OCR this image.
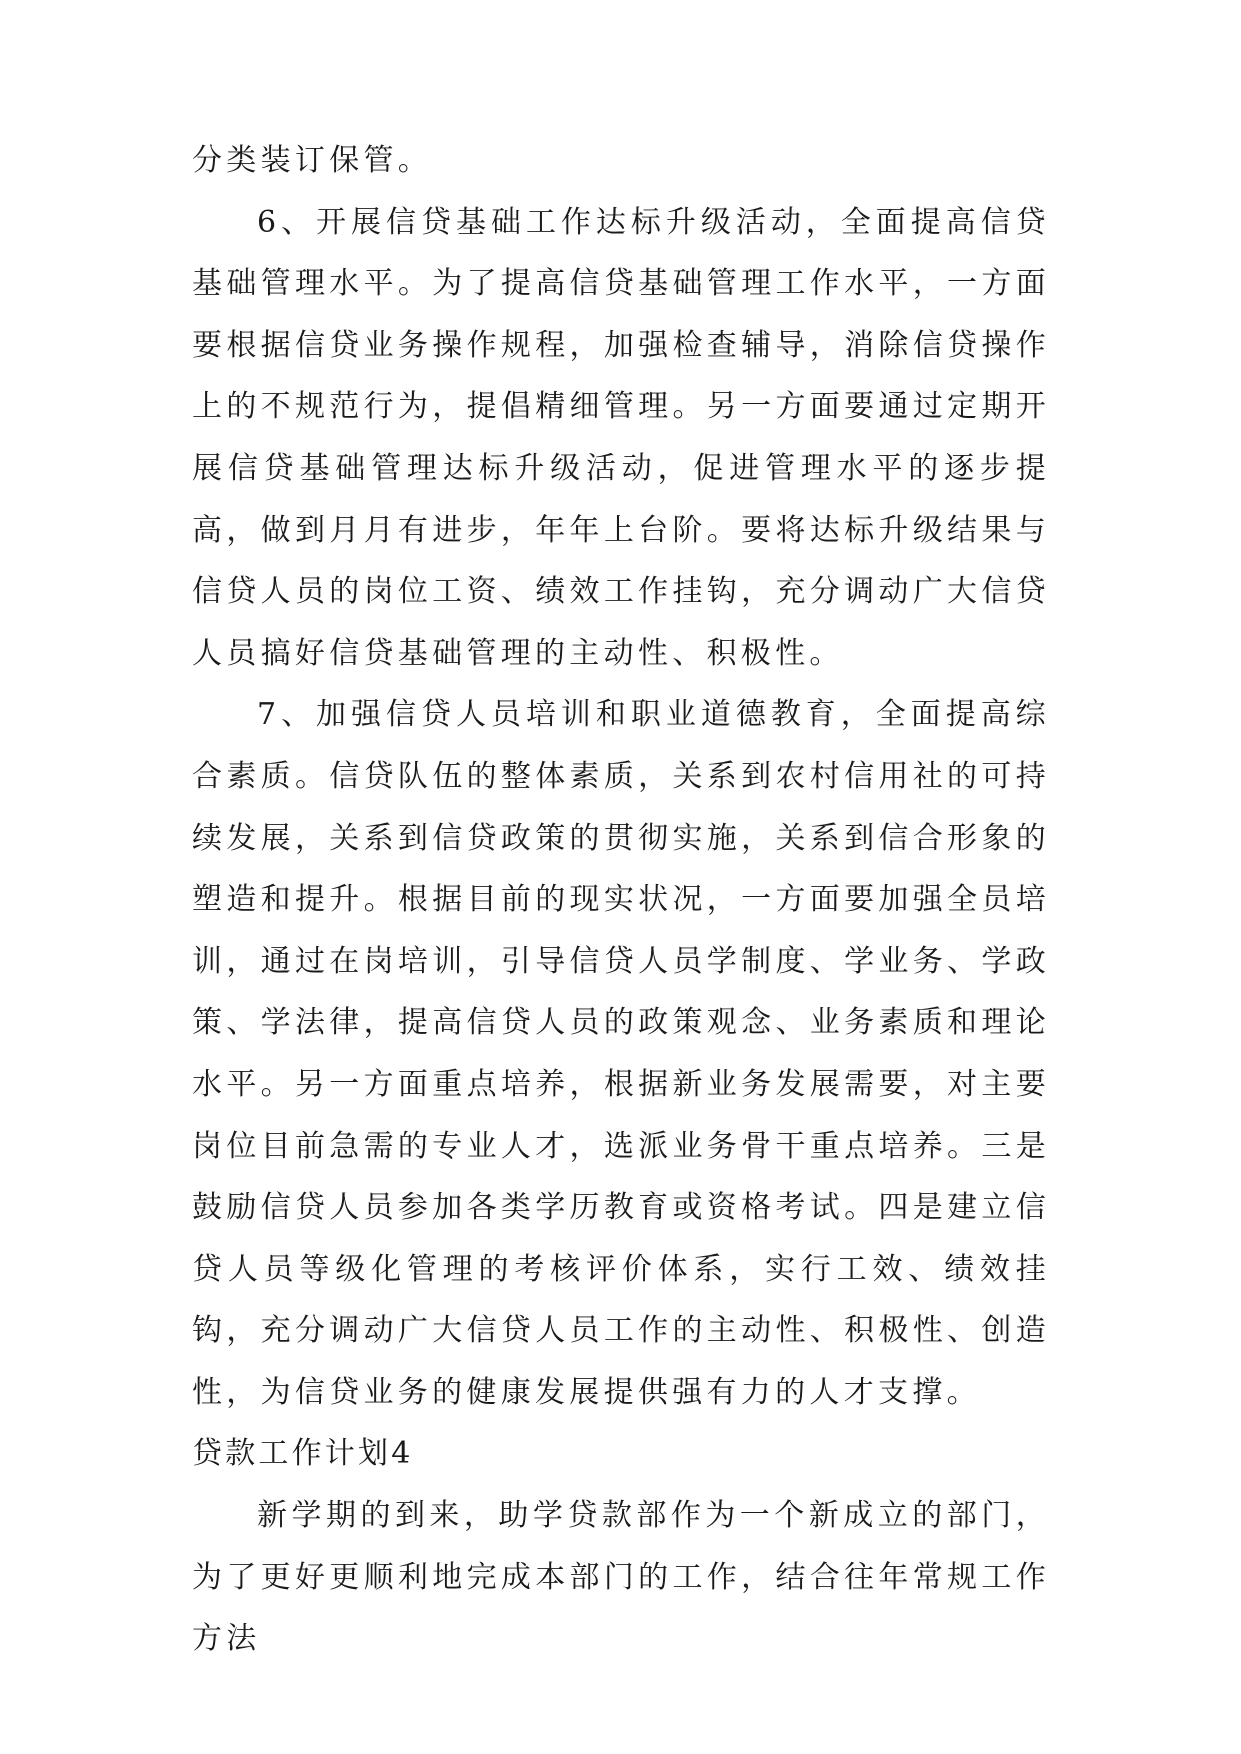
分类装订保管。

6、开展信贷基础工作达标升级活动，全面提高信贷基础管理水平。为了提高信贷基础管理工作水平，一方面要根据信贷业务操作规程，加强检查辅导，消除信贷操作上的不规范行为，提倡精细管理。另一方面要通过定期开展信贷基础管理达标升级活动，促进管理水平的逐步提高，做到月月有进步，年年上台阶。要将达标升级结果与信贷人员的岗位工资、绩效工作挂钩，充分调动广大信贷人员搞好信贷基础管理的主动性、积极性。

7、加强信贷人员培训和职业道德教育，全面提高综合素质。信贷队伍的整体素质，关系到农村信用社的可持续发展，关系到信贷政策的贯彻实施，关系到信合形象的塑造和提升。根据目前的现实状况，一方面要加强全员培训，通过在岗培训，引导信贷人员学制度、学业务、学政策、学法律，提高信贷人员的政策观念、业务素质和理论水平。另一方面重点培养，根据新业务发展需要，对主要岗位目前急需的专业人才，选派业务骨干重点培养。三是鼓励信贷人员参加各类学历教育或资格考试。四是建立信贷人员等级化管理的考核评价体系，实行工效、绩效挂钩，充分调动广大信贷人员工作的主动性、积极性、创造性，为信贷业务的健康发展提供强有力的人才支撑。

贷款工作计划4

新学期的到来，助学贷款部作为一个新成立的部门，为了更好更顺利地完成本部门的工作，结合往年常规工作方法
